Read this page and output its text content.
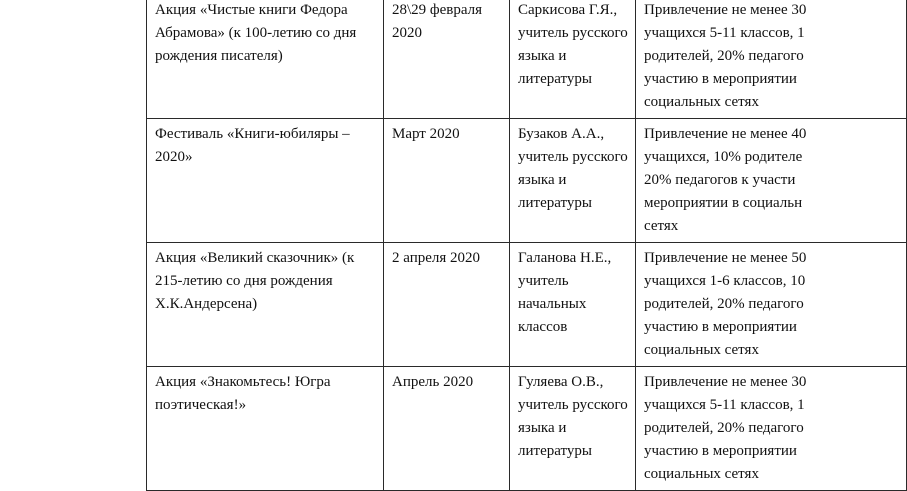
Акция «Чистые книги Федора Абрамова» (к 100-летию со дня рождения писателя)	28\29 февраля 2020	Саркисова Г.Я., учитель русского языка и литературы	Привлечение не менее 30
учащихся 5-11 классов, 1
родителей, 20% педагого
участию в мероприятии
социальных сетях

Фестиваль «Книги-юбиляры – 2020»	Март 2020	Бузаков А.А., учитель русского языка и литературы	Привлечение не менее 40
учащихся, 10% родителе
20% педагогов к участи
мероприятии в социальн
сетях

Акция «Великий сказочник» (к 215-летию со дня рождения Х.К.Андерсена)	2 апреля 2020	Галанова Н.Е., учитель начальных классов	Привлечение не менее 50
учащихся 1-6 классов, 10
родителей, 20% педагого
участию в мероприятии
социальных сетях

Акция «Знакомьтесь! Югра поэтическая!»	Апрель 2020	Гуляева О.В., учитель русского языка и литературы	Привлечение не менее 30
учащихся 5-11 классов, 1
родителей, 20% педагого
участию в мероприятии
социальных сетях
